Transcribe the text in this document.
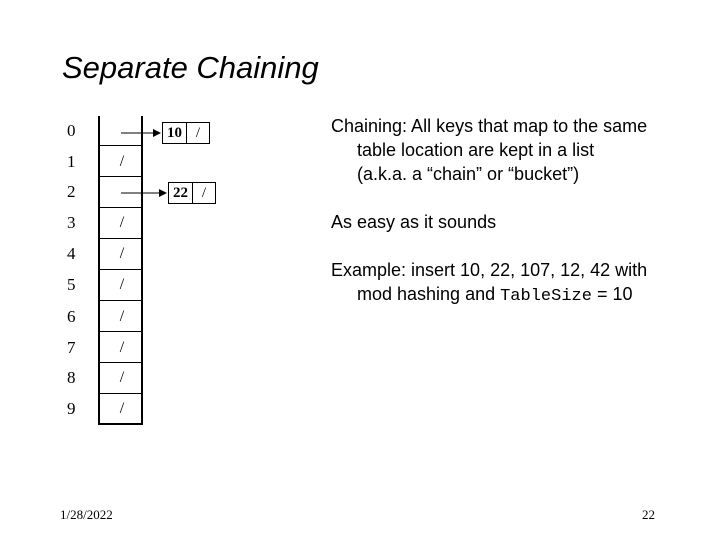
Separate Chaining
0
1
2
3
4
5
6
7
8
9
/
/
/
/
/
/
/
/
10 /
22 /
Chaining: All keys that map to the same
table location are kept in a list
(a.k.a. a “chain” or “bucket”)
As easy as it sounds
Example: insert 10, 22, 107, 12, 42 with
mod hashing and TableSize = 10
1/28/2022	22
